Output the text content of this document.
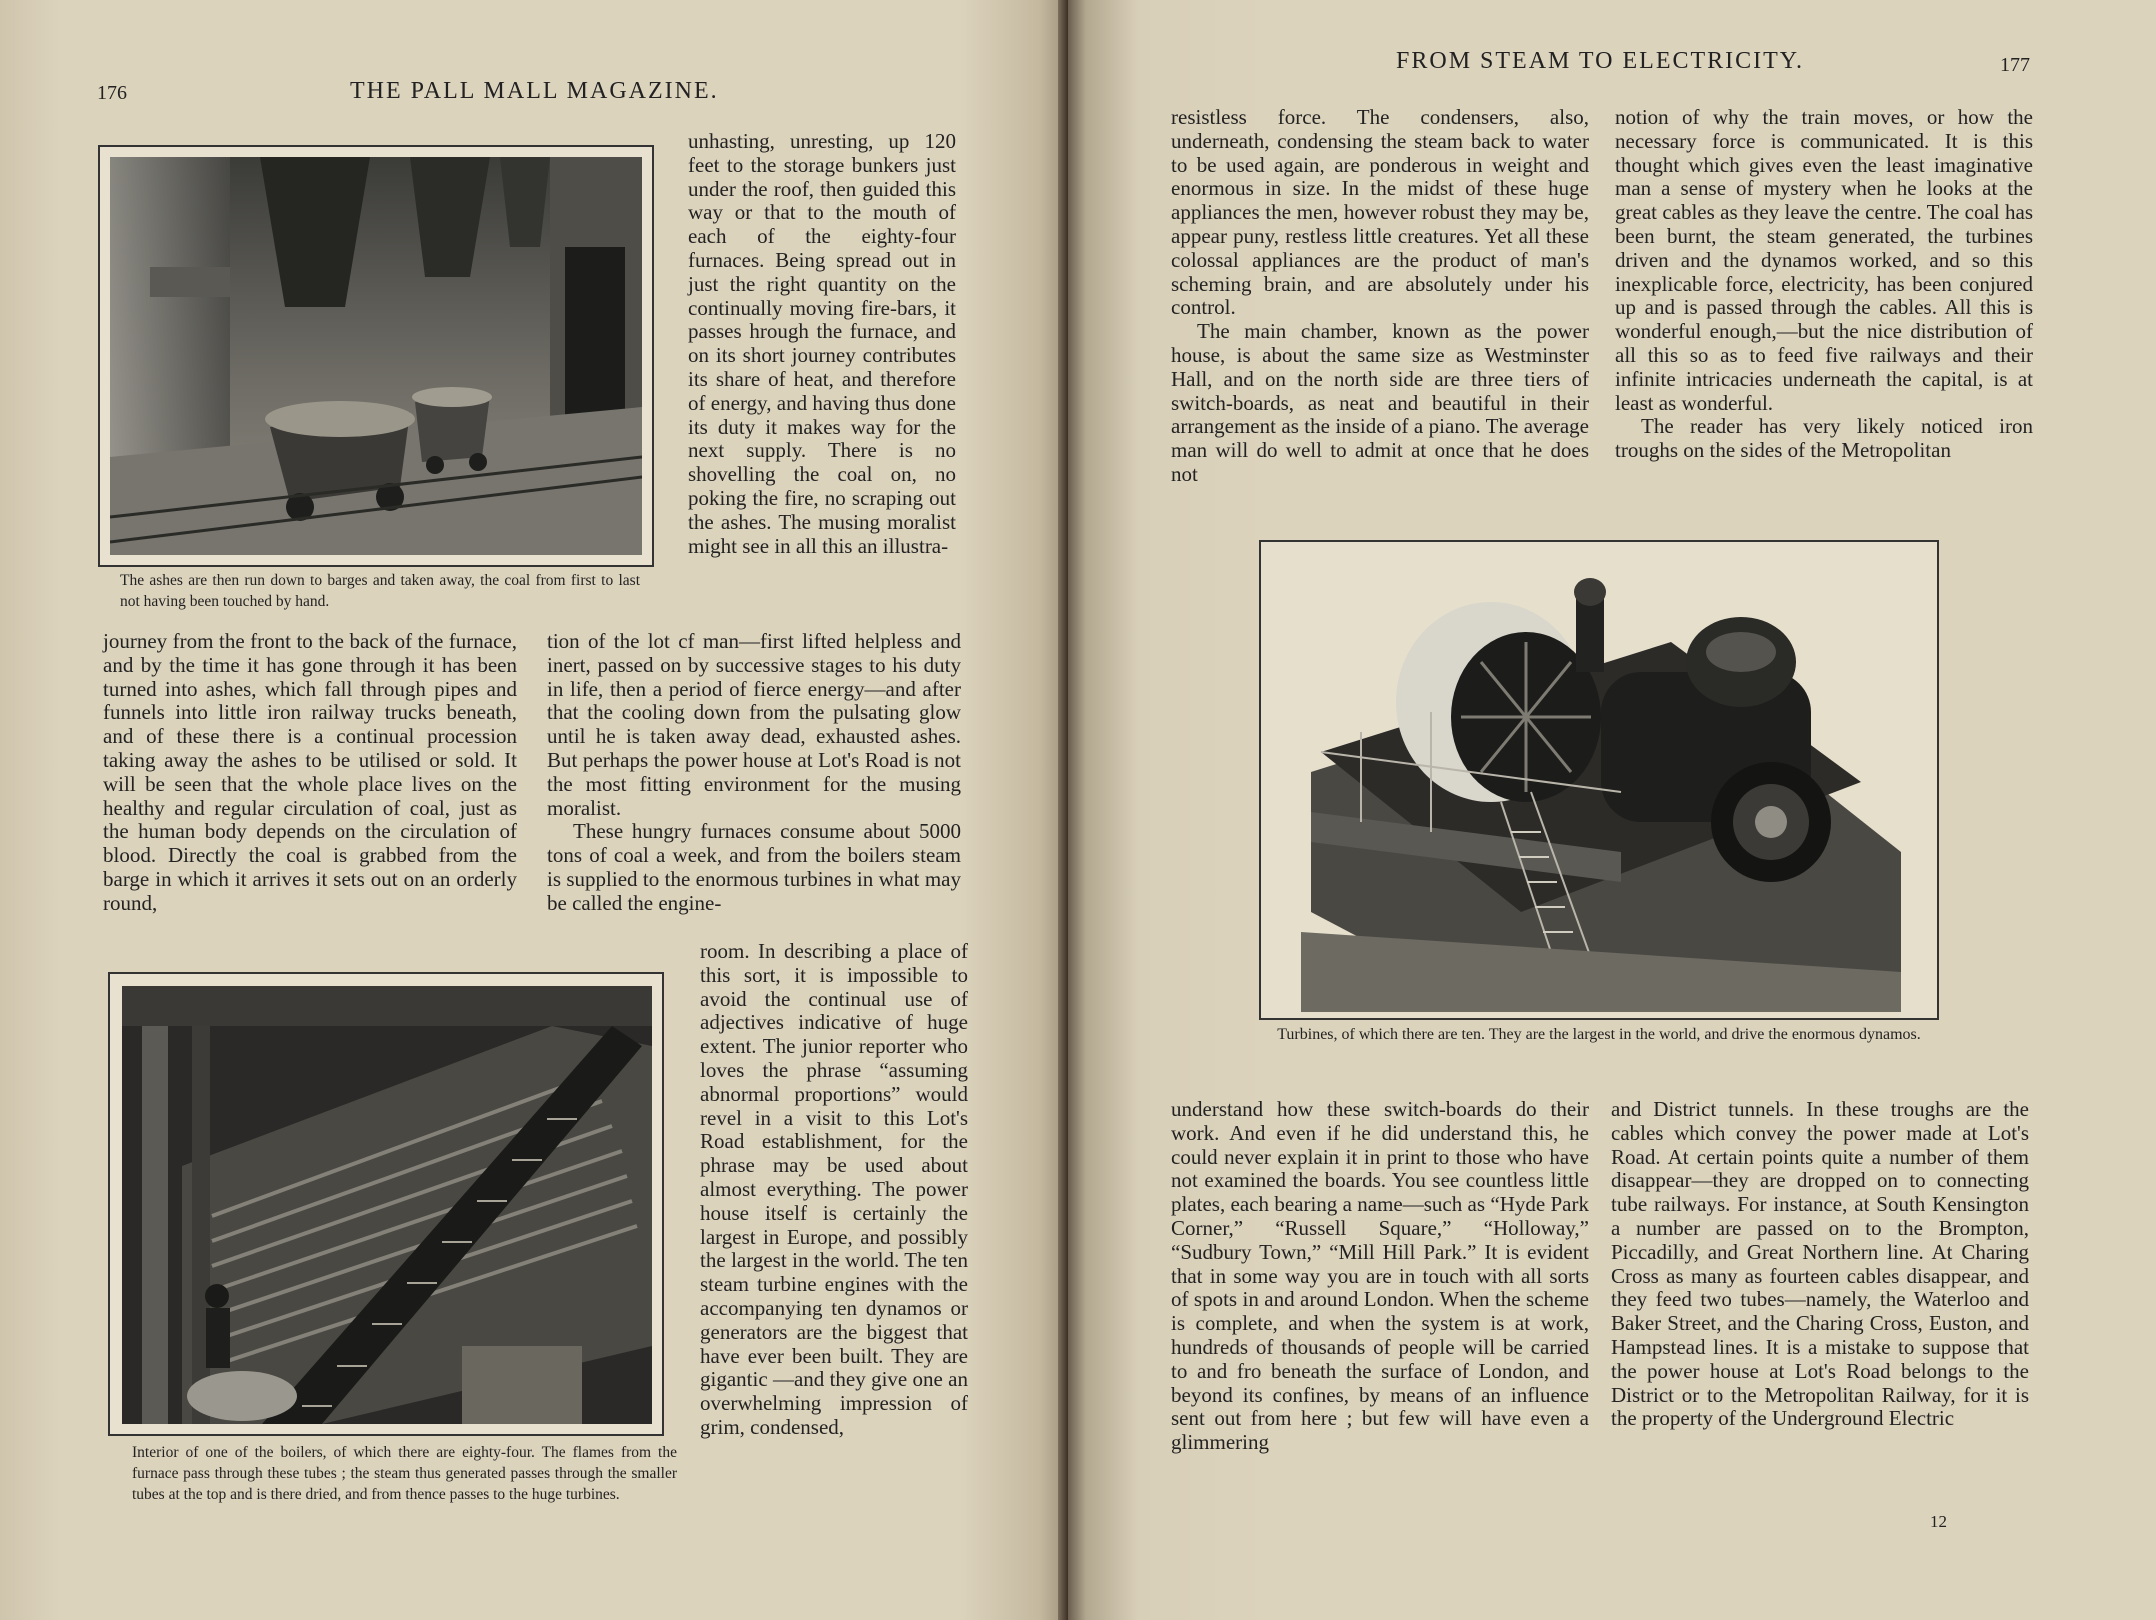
176	THE PALL MALL MAGAZINE.
The ashes are then run down to barges and taken away, the coal from first to last not having been touched by hand.

unhasting, unresting, up 120 feet to the storage bunkers just under the roof, then guided this way or that to the mouth of each of the eighty-four furnaces. Being spread out in just the right quantity on the continually moving fire-bars, it passes hrough the furnace, and on its short journey contributes its share of heat, and therefore of energy, and having thus done its duty it makes way for the next supply. There is no shovelling the coal on, no poking the fire, no scraping out the ashes. The musing moralist might see in all this an illustra-

journey from the front to the back of the furnace, and by the time it has gone through it has been turned into ashes, which fall through pipes and funnels into little iron railway trucks beneath, and of these there is a continual procession taking away the ashes to be utilised or sold. It will be seen that the whole place lives on the healthy and regular circulation of coal, just as the human body depends on the circulation of blood. Directly the coal is grabbed from the barge in which it arrives it sets out on an orderly round,

tion of the lot cf man—first lifted helpless and inert, passed on by successive stages to his duty in life, then a period of fierce energy—and after that the cooling down from the pulsating glow until he is taken away dead, exhausted ashes. But perhaps the power house at Lot's Road is not the most fitting environment for the musing moralist.

These hungry furnaces consume about 5000 tons of coal a week, and from the boilers steam is supplied to the enormous turbines in what may be called the engine-

Interior of one of the boilers, of which there are eighty-four. The flames from the furnace pass through these tubes ; the steam thus generated passes through the smaller tubes at the top and is there dried, and from thence passes to the huge turbines.

room. In describing a place of this sort, it is impossible to avoid the continual use of adjectives indicative of huge extent. The junior reporter who loves the phrase “assuming abnormal proportions” would revel in a visit to this Lot's Road establishment, for the phrase may be used about almost everything. The power house itself is certainly the largest in Europe, and possibly the largest in the world. The ten steam turbine engines with the accompanying ten dynamos or generators are the biggest that have ever been built. They are gigantic —and they give one an overwhelming impression of grim, condensed,

FROM STEAM TO ELECTRICITY.	177

resistless force. The condensers, also, underneath, condensing the steam back to water to be used again, are ponderous in weight and enormous in size. In the midst of these huge appliances the men, however robust they may be, appear puny, restless little creatures. Yet all these colossal appliances are the product of man's scheming brain, and are absolutely under his control.

The main chamber, known as the power house, is about the same size as Westminster Hall, and on the north side are three tiers of switch-boards, as neat and beautiful in their arrangement as the inside of a piano. The average man will do well to admit at once that he does not

notion of why the train moves, or how the necessary force is communicated. It is this thought which gives even the least imaginative man a sense of mystery when he looks at the great cables as they leave the centre. The coal has been burnt, the steam generated, the turbines driven and the dynamos worked, and so this inexplicable force, electricity, has been conjured up and is passed through the cables. All this is wonderful enough,—but the nice distribution of all this so as to feed five railways and their infinite intricacies underneath the capital, is at least as wonderful.

The reader has very likely noticed iron troughs on the sides of the Metropolitan

Turbines, of which there are ten. They are the largest in the world, and drive the enormous dynamos.

understand how these switch-boards do their work. And even if he did understand this, he could never explain it in print to those who have not examined the boards. You see countless little plates, each bearing a name—such as “Hyde Park Corner,” “Russell Square,” “Holloway,” “Sudbury Town,” “Mill Hill Park.” It is evident that in some way you are in touch with all sorts of spots in and around London. When the scheme is complete, and when the system is at work, hundreds of thousands of people will be carried to and fro beneath the surface of London, and beyond its confines, by means of an influence sent out from here ; but few will have even a glimmering

and District tunnels. In these troughs are the cables which convey the power made at Lot's Road. At certain points quite a number of them disappear—they are dropped on to connecting tube railways. For instance, at South Kensington a number are passed on to the Brompton, Piccadilly, and Great Northern line. At Charing Cross as many as fourteen cables disappear, and they feed two tubes—namely, the Waterloo and Baker Street, and the Charing Cross, Euston, and Hampstead lines. It is a mistake to suppose that the power house at Lot's Road belongs to the District or to the Metropolitan Railway, for it is the property of the Underground Electric

12
